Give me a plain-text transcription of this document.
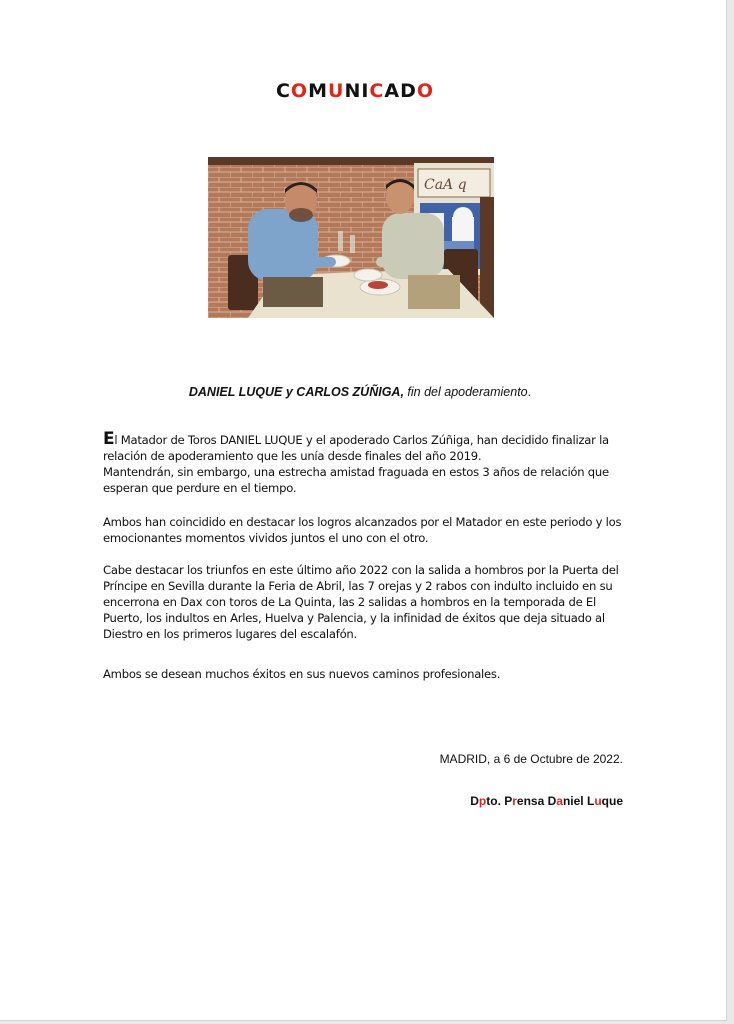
COMUNICADO
CaA q
DANIEL LUQUE y CARLOS ZÚÑIGA, fin del apoderamiento.

El Matador de Toros DANIEL LUQUE y el apoderado Carlos Zúñiga, han decidido finalizar la relación de apoderamiento que les unía desde finales del año 2019.

Mantendrán, sin embargo, una estrecha amistad fraguada en estos 3 años de relación que esperan que perdure en el tiempo.

Ambos han coincidido en destacar los logros alcanzados por el Matador en este periodo y los emocionantes momentos vividos juntos el uno con el otro.

Cabe destacar los triunfos en este último año 2022 con la salida a hombros por la Puerta del Príncipe en Sevilla durante la Feria de Abril, las 7 orejas y 2 rabos con indulto incluido en su encerrona en Dax con toros de La Quinta, las 2 salidas a hombros en la temporada de El Puerto, los indultos en Arles, Huelva y Palencia, y la infinidad de éxitos que deja situado al Diestro en los primeros lugares del escalafón.

Ambos se desean muchos éxitos en sus nuevos caminos profesionales.

MADRID, a 6 de Octubre de 2022.
Dpto. Prensa Daniel Luque
